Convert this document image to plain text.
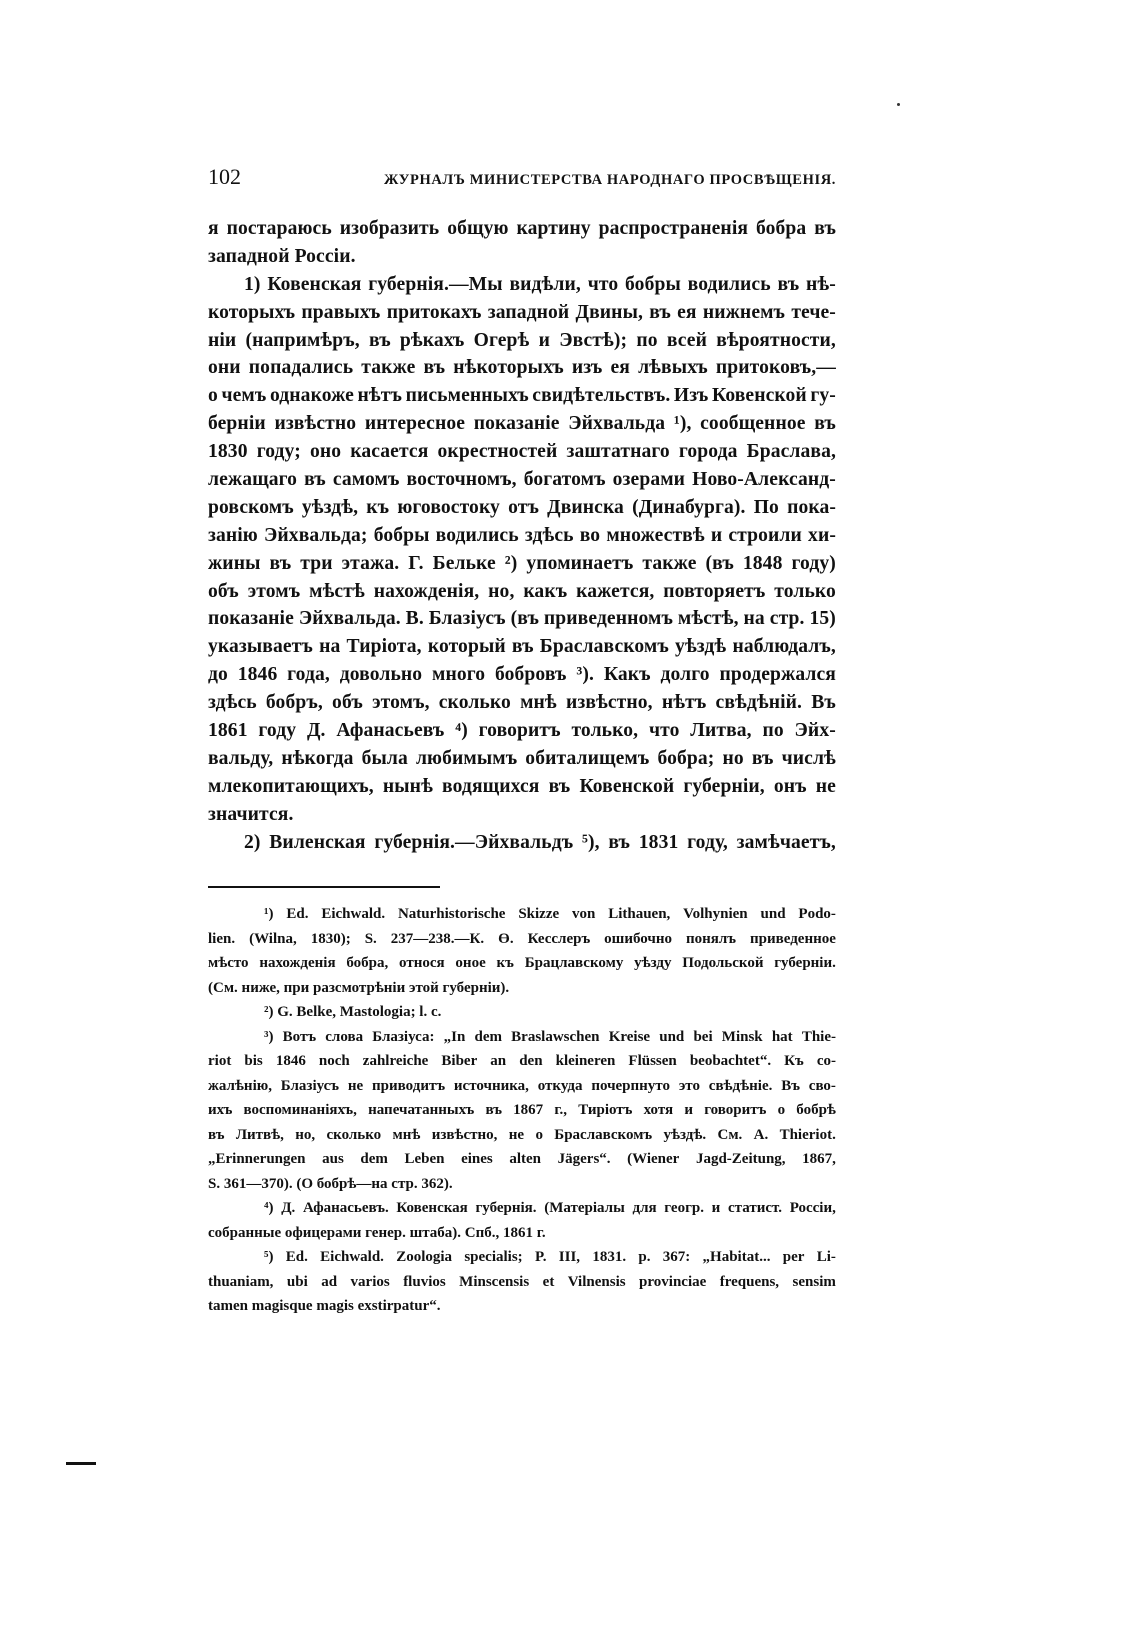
102	ЖУРНАЛЪ МИНИСТЕРСТВА НАРОДНАГО ПРОСВѢЩЕНІЯ.
я постараюсь изобразить общую картину распространенія бобра въ
западной Россіи.
1) Ковенская губернія.—Мы видѣли, что бобры водились въ нѣ-
которыхъ правыхъ притокахъ западной Двины, въ ея нижнемъ тече-
ніи (напримѣръ, въ рѣкахъ Огерѣ и Эвстѣ); по всей вѣроятности,
они попадались также въ нѣкоторыхъ изъ ея лѣвыхъ притоковъ,—
о чемъ однакоже нѣтъ письменныхъ свидѣтельствъ. Изъ Ковенской гу-
берніи извѣстно интересное показаніе Эйхвальда ¹), сообщенное въ
1830 году; оно касается окрестностей заштатнаго города Браслава,
лежащаго въ самомъ восточномъ, богатомъ озерами Ново-Александ-
ровскомъ уѣздѣ, къ юговостоку отъ Двинска (Динабурга). По пока-
занію Эйхвальда; бобры водились здѣсь во множествѣ и строили хи-
жины въ три этажа. Г. Бельке ²) упоминаетъ также (въ 1848 году)
объ этомъ мѣстѣ нахожденія, но, какъ кажется, повторяетъ только
показаніе Эйхвальда. В. Блазіусъ (въ приведенномъ мѣстѣ, на стр. 15)
указываетъ на Тиріота, который въ Браславскомъ уѣздѣ наблюдалъ,
до 1846 года, довольно много бобровъ ³). Какъ долго продержался
здѣсь бобръ, объ этомъ, сколько мнѣ извѣстно, нѣтъ свѣдѣній. Въ
1861 году Д. Афанасьевъ ⁴) говоритъ только, что Литва, по Эйх-
вальду, нѣкогда была любимымъ обиталищемъ бобра; но въ числѣ
млекопитающихъ, нынѣ водящихся въ Ковенской губерніи, онъ не
значится.
2) Виленская губернія.—Эйхвальдъ ⁵), въ 1831 году, замѣчаетъ,
¹) Ed. Eichwald. Naturhistorische Skizze von Lithauen, Volhynien und Podo-
lien. (Wilna, 1830); S. 237—238.—К. Ө. Кесслеръ ошибочно понялъ приведенное
мѣсто нахожденія бобра, относя оное къ Брацлавскому уѣзду Подольской губерніи.
(См. ниже, при разсмотрѣніи этой губерніи).
²) G. Belke, Mastologia; l. c.
³) Вотъ слова Блазіуса: „In dem Braslawschen Kreise und bei Minsk hat Thie-
riot bis 1846 noch zahlreiche Biber an den kleineren Flüssen beobachtet“. Къ со-
жалѣнію, Блазіусъ не приводитъ источника, откуда почерпнуто это свѣдѣніе. Въ сво-
ихъ воспоминаніяхъ, напечатанныхъ въ 1867 г., Тиріотъ хотя и говоритъ о бобрѣ
въ Литвѣ, но, сколько мнѣ извѣстно, не о Браславскомъ уѣздѣ. См. A. Thieriot.
„Erinnerungen aus dem Leben eines alten Jägers“. (Wiener Jagd-Zeitung, 1867,
S. 361—370). (О бобрѣ—на стр. 362).
⁴) Д. Афанасьевъ. Ковенская губернія. (Матеріалы для геогр. и статист. Россіи,
собранные офицерами генер. штаба). Спб., 1861 г.
⁵) Ed. Eichwald. Zoologia specialis; P. III, 1831. p. 367: „Habitat... per Li-
thuaniam, ubi ad varios fluvios Minscensis et Vilnensis provinciae frequens, sensim
tamen magisque magis exstirpatur“.
